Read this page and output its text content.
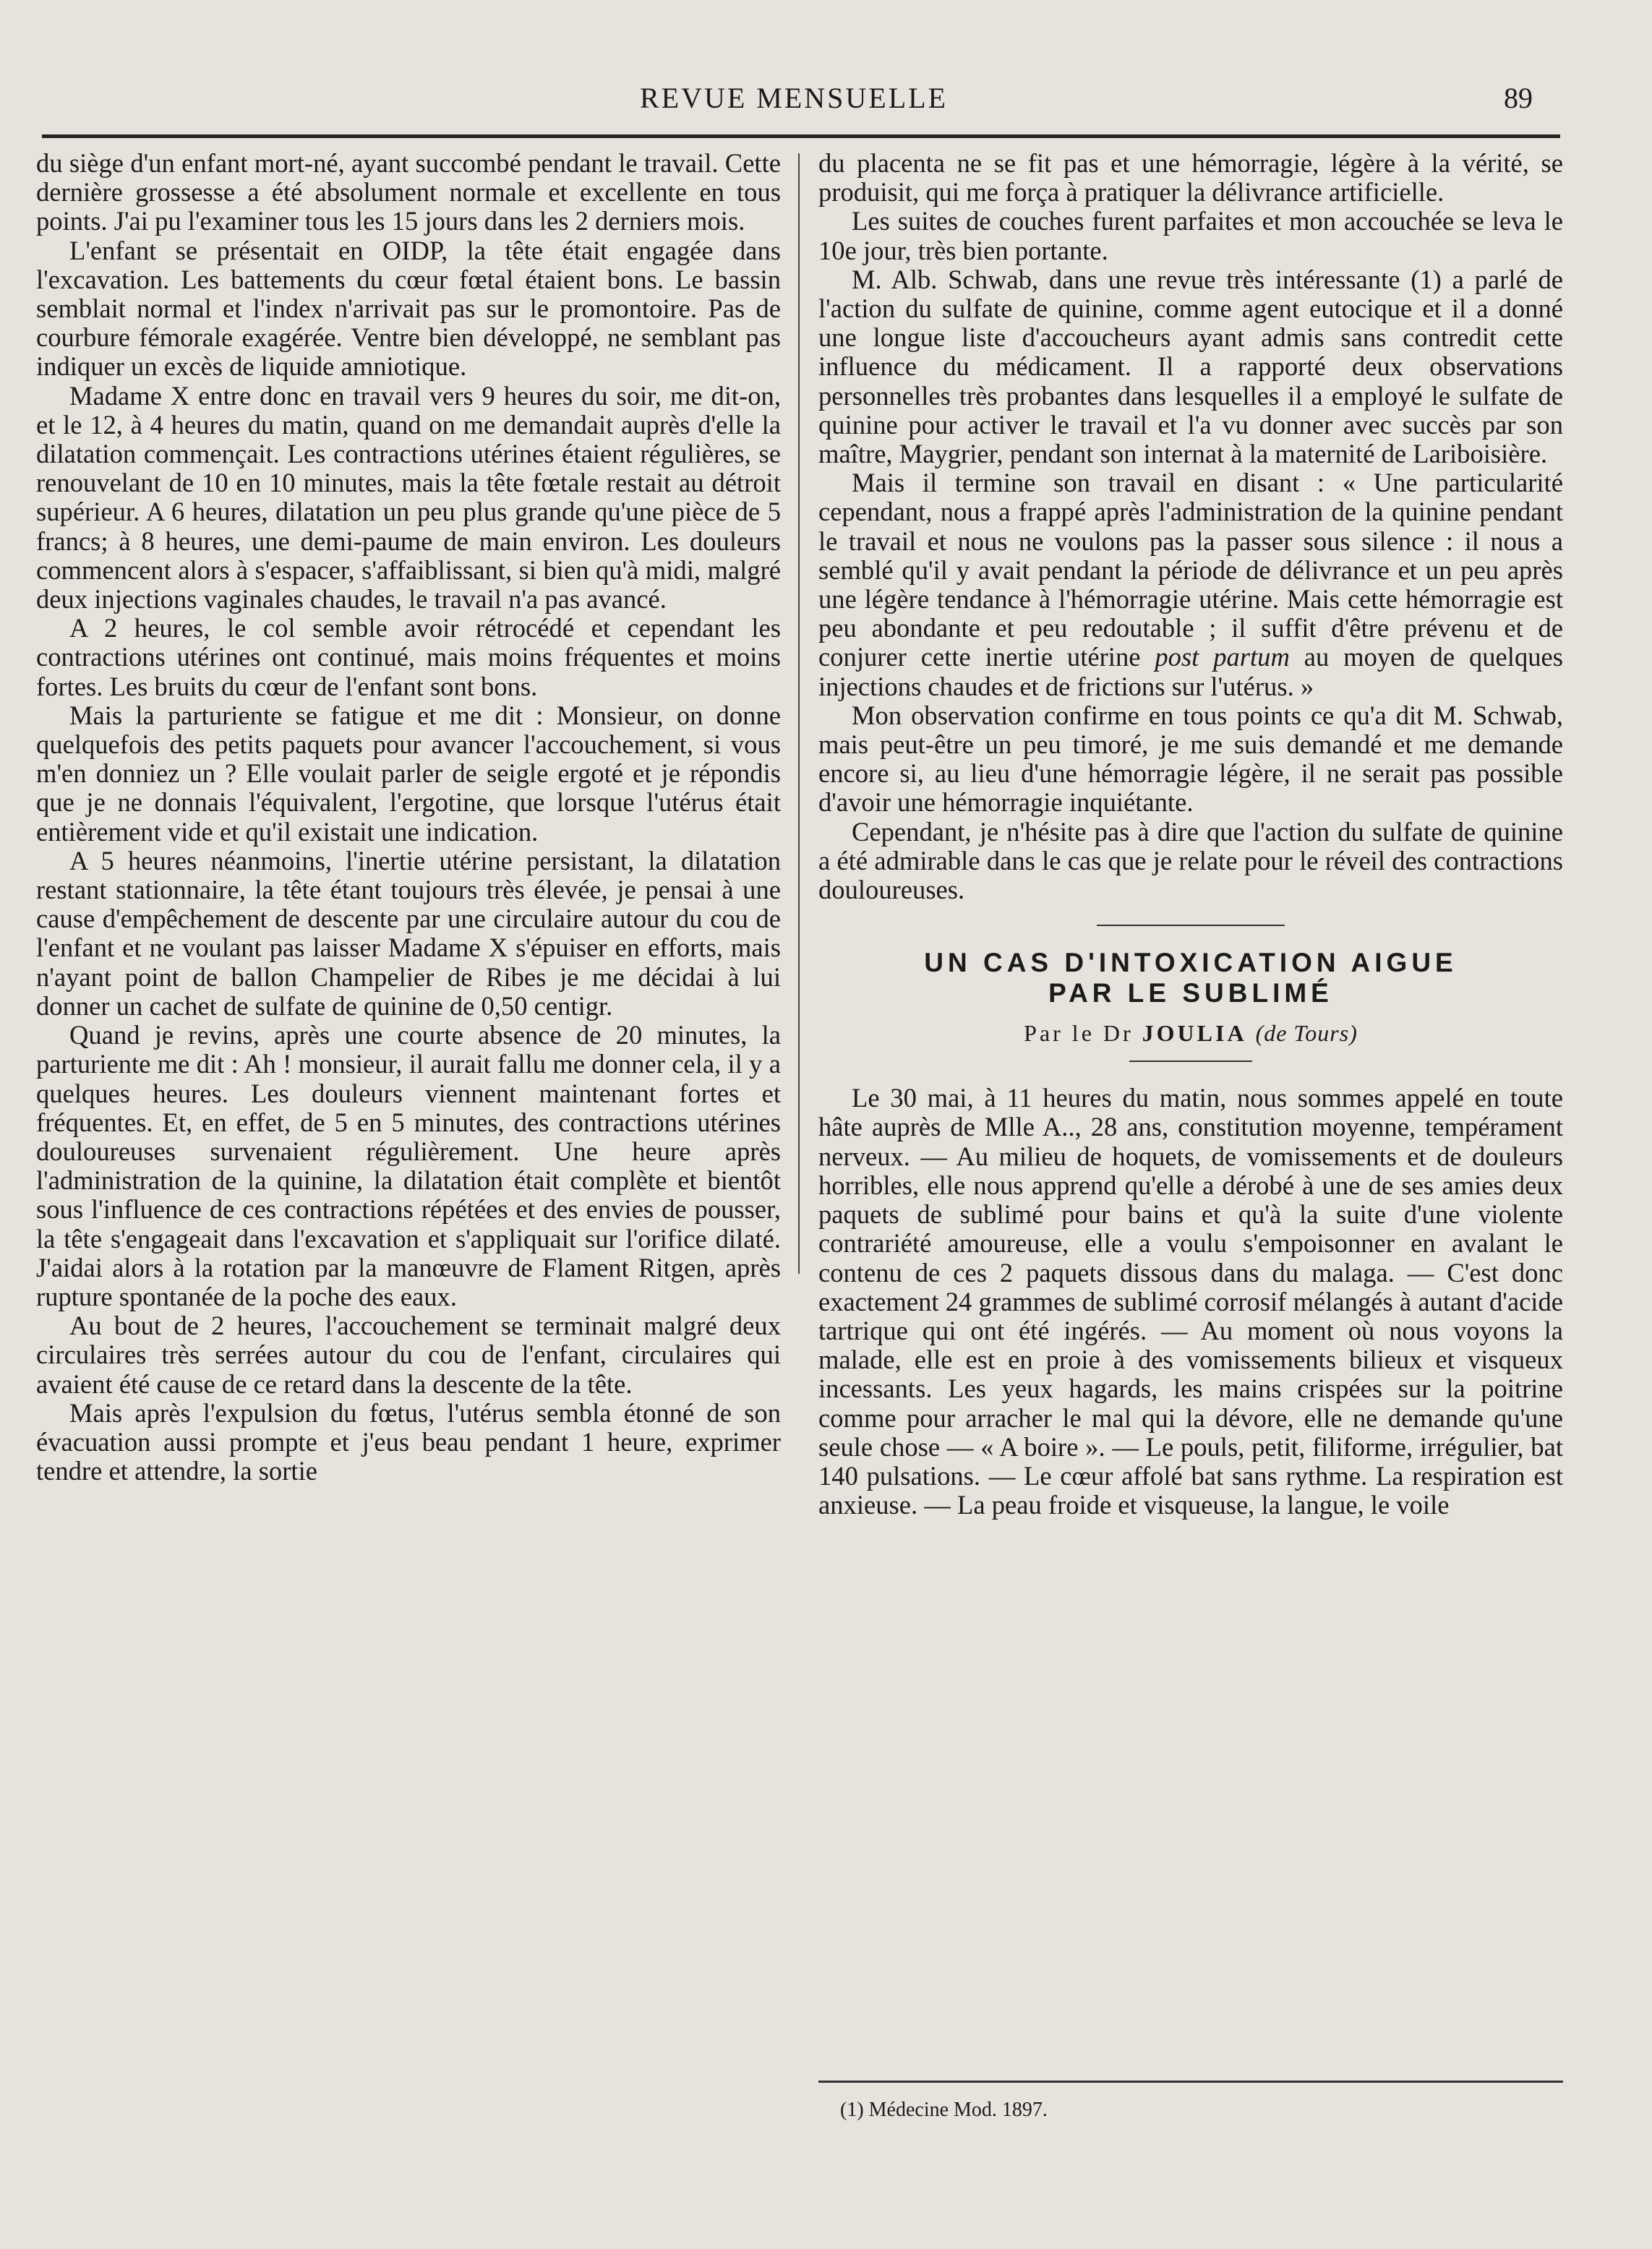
REVUE MENSUELLE	89

du siège d'un enfant mort-né, ayant succombé pendant le travail. Cette dernière grossesse a été absolument normale et excellente en tous points. J'ai pu l'examiner tous les 15 jours dans les 2 derniers mois.

L'enfant se présentait en OIDP, la tête était engagée dans l'excavation. Les battements du cœur fœtal étaient bons. Le bassin semblait normal et l'index n'arrivait pas sur le promontoire. Pas de courbure fémorale exagérée. Ventre bien développé, ne semblant pas indiquer un excès de liquide amniotique.

Madame X entre donc en travail vers 9 heures du soir, me dit-on, et le 12, à 4 heures du matin, quand on me demandait auprès d'elle la dilatation commençait. Les contractions utérines étaient régulières, se renouvelant de 10 en 10 minutes, mais la tête fœtale restait au détroit supérieur. A 6 heures, dilatation un peu plus grande qu'une pièce de 5 francs; à 8 heures, une demi-paume de main environ. Les douleurs commencent alors à s'espacer, s'affaiblissant, si bien qu'à midi, malgré deux injections vaginales chaudes, le travail n'a pas avancé.

A 2 heures, le col semble avoir rétrocédé et cependant les contractions utérines ont continué, mais moins fréquentes et moins fortes. Les bruits du cœur de l'enfant sont bons.

Mais la parturiente se fatigue et me dit : Monsieur, on donne quelquefois des petits paquets pour avancer l'accouchement, si vous m'en donniez un ? Elle voulait parler de seigle ergoté et je répondis que je ne donnais l'équivalent, l'ergotine, que lorsque l'utérus était entièrement vide et qu'il existait une indication.

A 5 heures néanmoins, l'inertie utérine persistant, la dilatation restant stationnaire, la tête étant toujours très élevée, je pensai à une cause d'empêchement de descente par une circulaire autour du cou de l'enfant et ne voulant pas laisser Madame X s'épuiser en efforts, mais n'ayant point de ballon Champelier de Ribes je me décidai à lui donner un cachet de sulfate de quinine de 0,50 centigr.

Quand je revins, après une courte absence de 20 minutes, la parturiente me dit : Ah ! monsieur, il aurait fallu me donner cela, il y a quelques heures. Les douleurs viennent maintenant fortes et fréquentes. Et, en effet, de 5 en 5 minutes, des contractions utérines douloureuses survenaient régulièrement. Une heure après l'administration de la quinine, la dilatation était complète et bientôt sous l'influence de ces contractions répétées et des envies de pousser, la tête s'engageait dans l'excavation et s'appliquait sur l'orifice dilaté. J'aidai alors à la rotation par la manœuvre de Flament Ritgen, après rupture spontanée de la poche des eaux.

Au bout de 2 heures, l'accouchement se terminait malgré deux circulaires très serrées autour du cou de l'enfant, circulaires qui avaient été cause de ce retard dans la descente de la tête.

Mais après l'expulsion du fœtus, l'utérus sembla étonné de son évacuation aussi prompte et j'eus beau pendant 1 heure, exprimer tendre et attendre, la sortie

du placenta ne se fit pas et une hémorragie, légère à la vérité, se produisit, qui me força à pratiquer la délivrance artificielle.

Les suites de couches furent parfaites et mon accouchée se leva le 10e jour, très bien portante.

M. Alb. Schwab, dans une revue très intéressante (1) a parlé de l'action du sulfate de quinine, comme agent eutocique et il a donné une longue liste d'accoucheurs ayant admis sans contredit cette influence du médicament. Il a rapporté deux observations personnelles très probantes dans lesquelles il a employé le sulfate de quinine pour activer le travail et l'a vu donner avec succès par son maître, Maygrier, pendant son internat à la maternité de Lariboisière.

Mais il termine son travail en disant : « Une particularité cependant, nous a frappé après l'administration de la quinine pendant le travail et nous ne voulons pas la passer sous silence : il nous a semblé qu'il y avait pendant la période de délivrance et un peu après une légère tendance à l'hémorragie utérine. Mais cette hémorragie est peu abondante et peu redoutable ; il suffit d'être prévenu et de conjurer cette inertie utérine post partum au moyen de quelques injections chaudes et de frictions sur l'utérus. »

Mon observation confirme en tous points ce qu'a dit M. Schwab, mais peut-être un peu timoré, je me suis demandé et me demande encore si, au lieu d'une hémorragie légère, il ne serait pas possible d'avoir une hémorragie inquiétante.

Cependant, je n'hésite pas à dire que l'action du sulfate de quinine a été admirable dans le cas que je relate pour le réveil des contractions douloureuses.

UN CAS D'INTOXICATION AIGUE
PAR LE SUBLIMÉ
Par le Dr JOULIA (de Tours)

Le 30 mai, à 11 heures du matin, nous sommes appelé en toute hâte auprès de Mlle A.., 28 ans, constitution moyenne, tempérament nerveux. — Au milieu de hoquets, de vomissements et de douleurs horribles, elle nous apprend qu'elle a dérobé à une de ses amies deux paquets de sublimé pour bains et qu'à la suite d'une violente contrariété amoureuse, elle a voulu s'empoisonner en avalant le contenu de ces 2 paquets dissous dans du malaga. — C'est donc exactement 24 grammes de sublimé corrosif mélangés à autant d'acide tartrique qui ont été ingérés. — Au moment où nous voyons la malade, elle est en proie à des vomissements bilieux et visqueux incessants. Les yeux hagards, les mains crispées sur la poitrine comme pour arracher le mal qui la dévore, elle ne demande qu'une seule chose — « A boire ». — Le pouls, petit, filiforme, irrégulier, bat 140 pulsations. — Le cœur affolé bat sans rythme. La respiration est anxieuse. — La peau froide et visqueuse, la langue, le voile

(1) Médecine Mod. 1897.
